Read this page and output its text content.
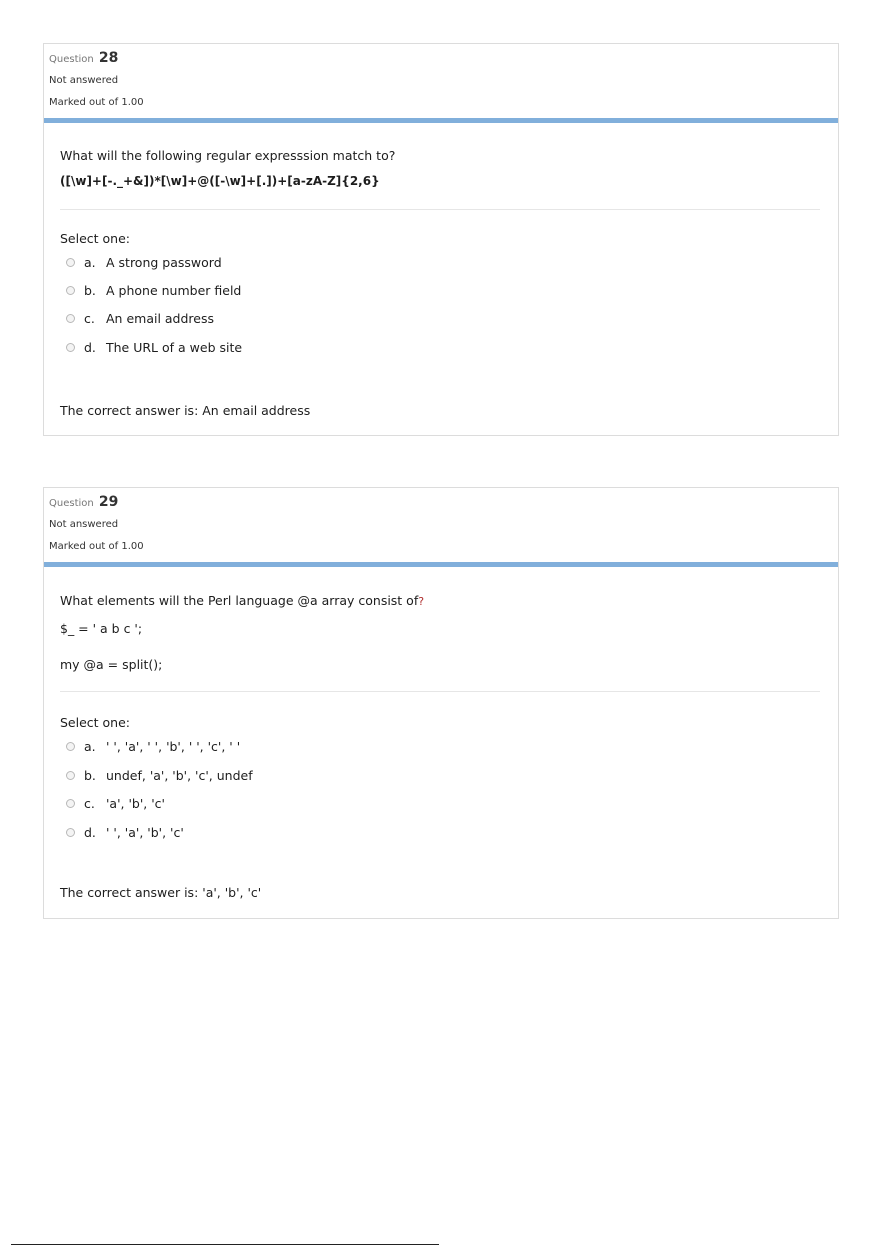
Question 28
Not answered
Marked out of 1.00
What will the following regular expresssion match to?
([\w]+[-._+&])*[\w]+@([-\w]+[.])+[a-zA-Z]{2,6}
Select one:
a. A strong password
b. A phone number field
c. An email address
d. The URL of a web site
The correct answer is: An email address
Question 29
Not answered
Marked out of 1.00
What elements will the Perl language @a array consist of?
$_ = ' a b c ';
my @a = split();
Select one:
a. ' ', 'a', ' ', 'b', ' ', 'c', ' '
b. undef, 'a', 'b', 'c', undef
c. 'a', 'b', 'c'
d. ' ', 'a', 'b', 'c'
The correct answer is: 'a', 'b', 'c'
